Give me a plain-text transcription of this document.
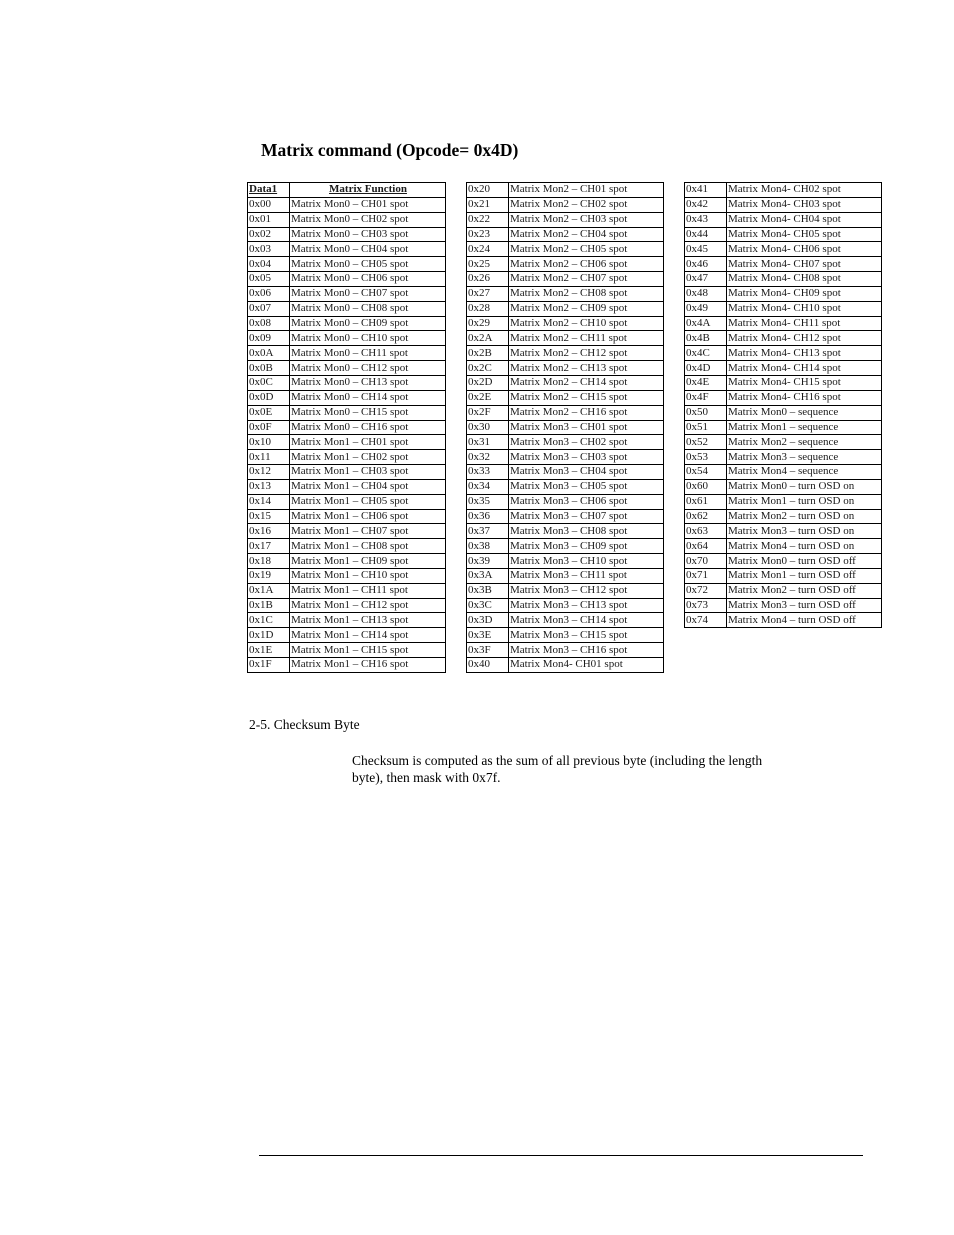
Matrix command (Opcode= 0x4D)
Data1	Matrix Function
0x00	Matrix Mon0 – CH01 spot
0x01	Matrix Mon0 – CH02 spot
0x02	Matrix Mon0 – CH03 spot
0x03	Matrix Mon0 – CH04 spot
0x04	Matrix Mon0 – CH05 spot
0x05	Matrix Mon0 – CH06 spot
0x06	Matrix Mon0 – CH07 spot
0x07	Matrix Mon0 – CH08 spot
0x08	Matrix Mon0 – CH09 spot
0x09	Matrix Mon0 – CH10 spot
0x0A	Matrix Mon0 – CH11 spot
0x0B	Matrix Mon0 – CH12 spot
0x0C	Matrix Mon0 – CH13 spot
0x0D	Matrix Mon0 – CH14 spot
0x0E	Matrix Mon0 – CH15 spot
0x0F	Matrix Mon0 – CH16 spot
0x10	Matrix Mon1 – CH01 spot
0x11	Matrix Mon1 – CH02 spot
0x12	Matrix Mon1 – CH03 spot
0x13	Matrix Mon1 – CH04 spot
0x14	Matrix Mon1 – CH05 spot
0x15	Matrix Mon1 – CH06 spot
0x16	Matrix Mon1 – CH07 spot
0x17	Matrix Mon1 – CH08 spot
0x18	Matrix Mon1 – CH09 spot
0x19	Matrix Mon1 – CH10 spot
0x1A	Matrix Mon1 – CH11 spot
0x1B	Matrix Mon1 – CH12 spot
0x1C	Matrix Mon1 – CH13 spot
0x1D	Matrix Mon1 – CH14 spot
0x1E	Matrix Mon1 – CH15 spot
0x1F	Matrix Mon1 – CH16 spot
0x20	Matrix Mon2 – CH01 spot
0x21	Matrix Mon2 – CH02 spot
0x22	Matrix Mon2 – CH03 spot
0x23	Matrix Mon2 – CH04 spot
0x24	Matrix Mon2 – CH05 spot
0x25	Matrix Mon2 – CH06 spot
0x26	Matrix Mon2 – CH07 spot
0x27	Matrix Mon2 – CH08 spot
0x28	Matrix Mon2 – CH09 spot
0x29	Matrix Mon2 – CH10 spot
0x2A	Matrix Mon2 – CH11 spot
0x2B	Matrix Mon2 – CH12 spot
0x2C	Matrix Mon2 – CH13 spot
0x2D	Matrix Mon2 – CH14 spot
0x2E	Matrix Mon2 – CH15 spot
0x2F	Matrix Mon2 – CH16 spot
0x30	Matrix Mon3 – CH01 spot
0x31	Matrix Mon3 – CH02 spot
0x32	Matrix Mon3 – CH03 spot
0x33	Matrix Mon3 – CH04 spot
0x34	Matrix Mon3 – CH05 spot
0x35	Matrix Mon3 – CH06 spot
0x36	Matrix Mon3 – CH07 spot
0x37	Matrix Mon3 – CH08 spot
0x38	Matrix Mon3 – CH09 spot
0x39	Matrix Mon3 – CH10 spot
0x3A	Matrix Mon3 – CH11 spot
0x3B	Matrix Mon3 – CH12 spot
0x3C	Matrix Mon3 – CH13 spot
0x3D	Matrix Mon3 – CH14 spot
0x3E	Matrix Mon3 – CH15 spot
0x3F	Matrix Mon3 – CH16 spot
0x40	Matrix Mon4- CH01 spot
0x41	Matrix Mon4- CH02 spot
0x42	Matrix Mon4- CH03 spot
0x43	Matrix Mon4- CH04 spot
0x44	Matrix Mon4- CH05 spot
0x45	Matrix Mon4- CH06 spot
0x46	Matrix Mon4- CH07 spot
0x47	Matrix Mon4- CH08 spot
0x48	Matrix Mon4- CH09 spot
0x49	Matrix Mon4- CH10 spot
0x4A	Matrix Mon4- CH11 spot
0x4B	Matrix Mon4- CH12 spot
0x4C	Matrix Mon4- CH13 spot
0x4D	Matrix Mon4- CH14 spot
0x4E	Matrix Mon4- CH15 spot
0x4F	Matrix Mon4- CH16 spot
0x50	Matrix Mon0 – sequence
0x51	Matrix Mon1 – sequence
0x52	Matrix Mon2 – sequence
0x53	Matrix Mon3 – sequence
0x54	Matrix Mon4 – sequence
0x60	Matrix Mon0 – turn OSD on
0x61	Matrix Mon1 – turn OSD on
0x62	Matrix Mon2 – turn OSD on
0x63	Matrix Mon3 – turn OSD on
0x64	Matrix Mon4 – turn OSD on
0x70	Matrix Mon0 – turn OSD off
0x71	Matrix Mon1 – turn OSD off
0x72	Matrix Mon2 – turn OSD off
0x73	Matrix Mon3 – turn OSD off
0x74	Matrix Mon4 – turn OSD off
2-5. Checksum Byte
Checksum is computed as the sum of all previous byte (including the length byte), then mask with 0x7f.
